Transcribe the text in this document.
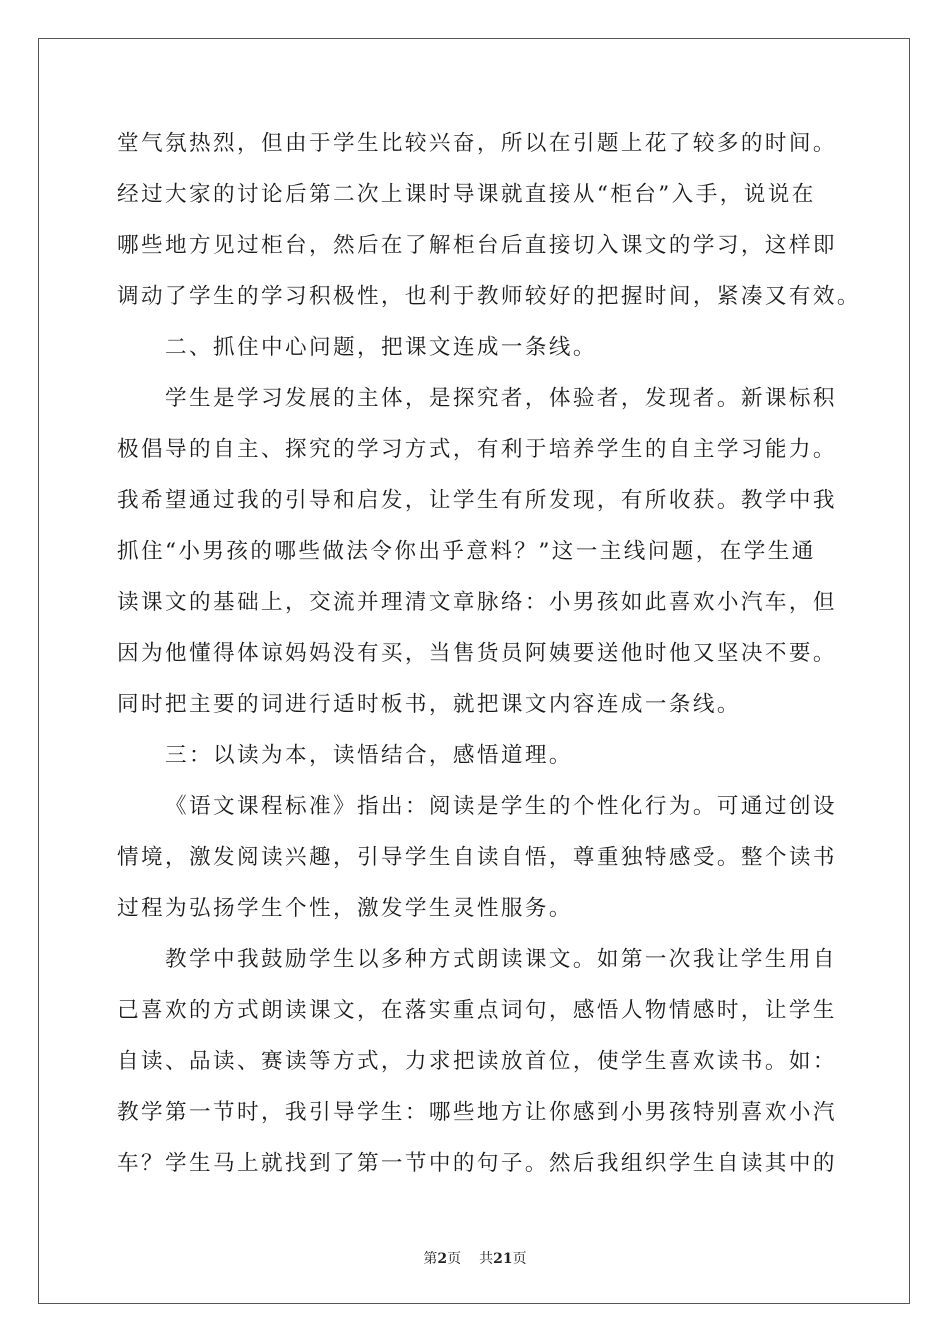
堂气氛热烈，但由于学生比较兴奋，所以在引题上花了较多的时间。
经过大家的讨论后第二次上课时导课就直接从“柜台”入手，说说在
哪些地方见过柜台，然后在了解柜台后直接切入课文的学习，这样即
调动了学生的学习积极性，也利于教师较好的把握时间，紧凑又有效。
二、抓住中心问题，把课文连成一条线。
学生是学习发展的主体，是探究者，体验者，发现者。新课标积
极倡导的自主、探究的学习方式，有利于培养学生的自主学习能力。
我希望通过我的引导和启发，让学生有所发现，有所收获。教学中我
抓住“小男孩的哪些做法令你出乎意料？”这一主线问题，在学生通
读课文的基础上，交流并理清文章脉络：小男孩如此喜欢小汽车，但
因为他懂得体谅妈妈没有买，当售货员阿姨要送他时他又坚决不要。
同时把主要的词进行适时板书，就把课文内容连成一条线。
三：以读为本，读悟结合，感悟道理。
《语文课程标准》指出：阅读是学生的个性化行为。可通过创设
情境，激发阅读兴趣，引导学生自读自悟，尊重独特感受。整个读书
过程为弘扬学生个性，激发学生灵性服务。
教学中我鼓励学生以多种方式朗读课文。如第一次我让学生用自
己喜欢的方式朗读课文，在落实重点词句，感悟人物情感时，让学生
自读、品读、赛读等方式，力求把读放首位，使学生喜欢读书。如：
教学第一节时，我引导学生：哪些地方让你感到小男孩特别喜欢小汽
车？学生马上就找到了第一节中的句子。然后我组织学生自读其中的
第2页 共21页
